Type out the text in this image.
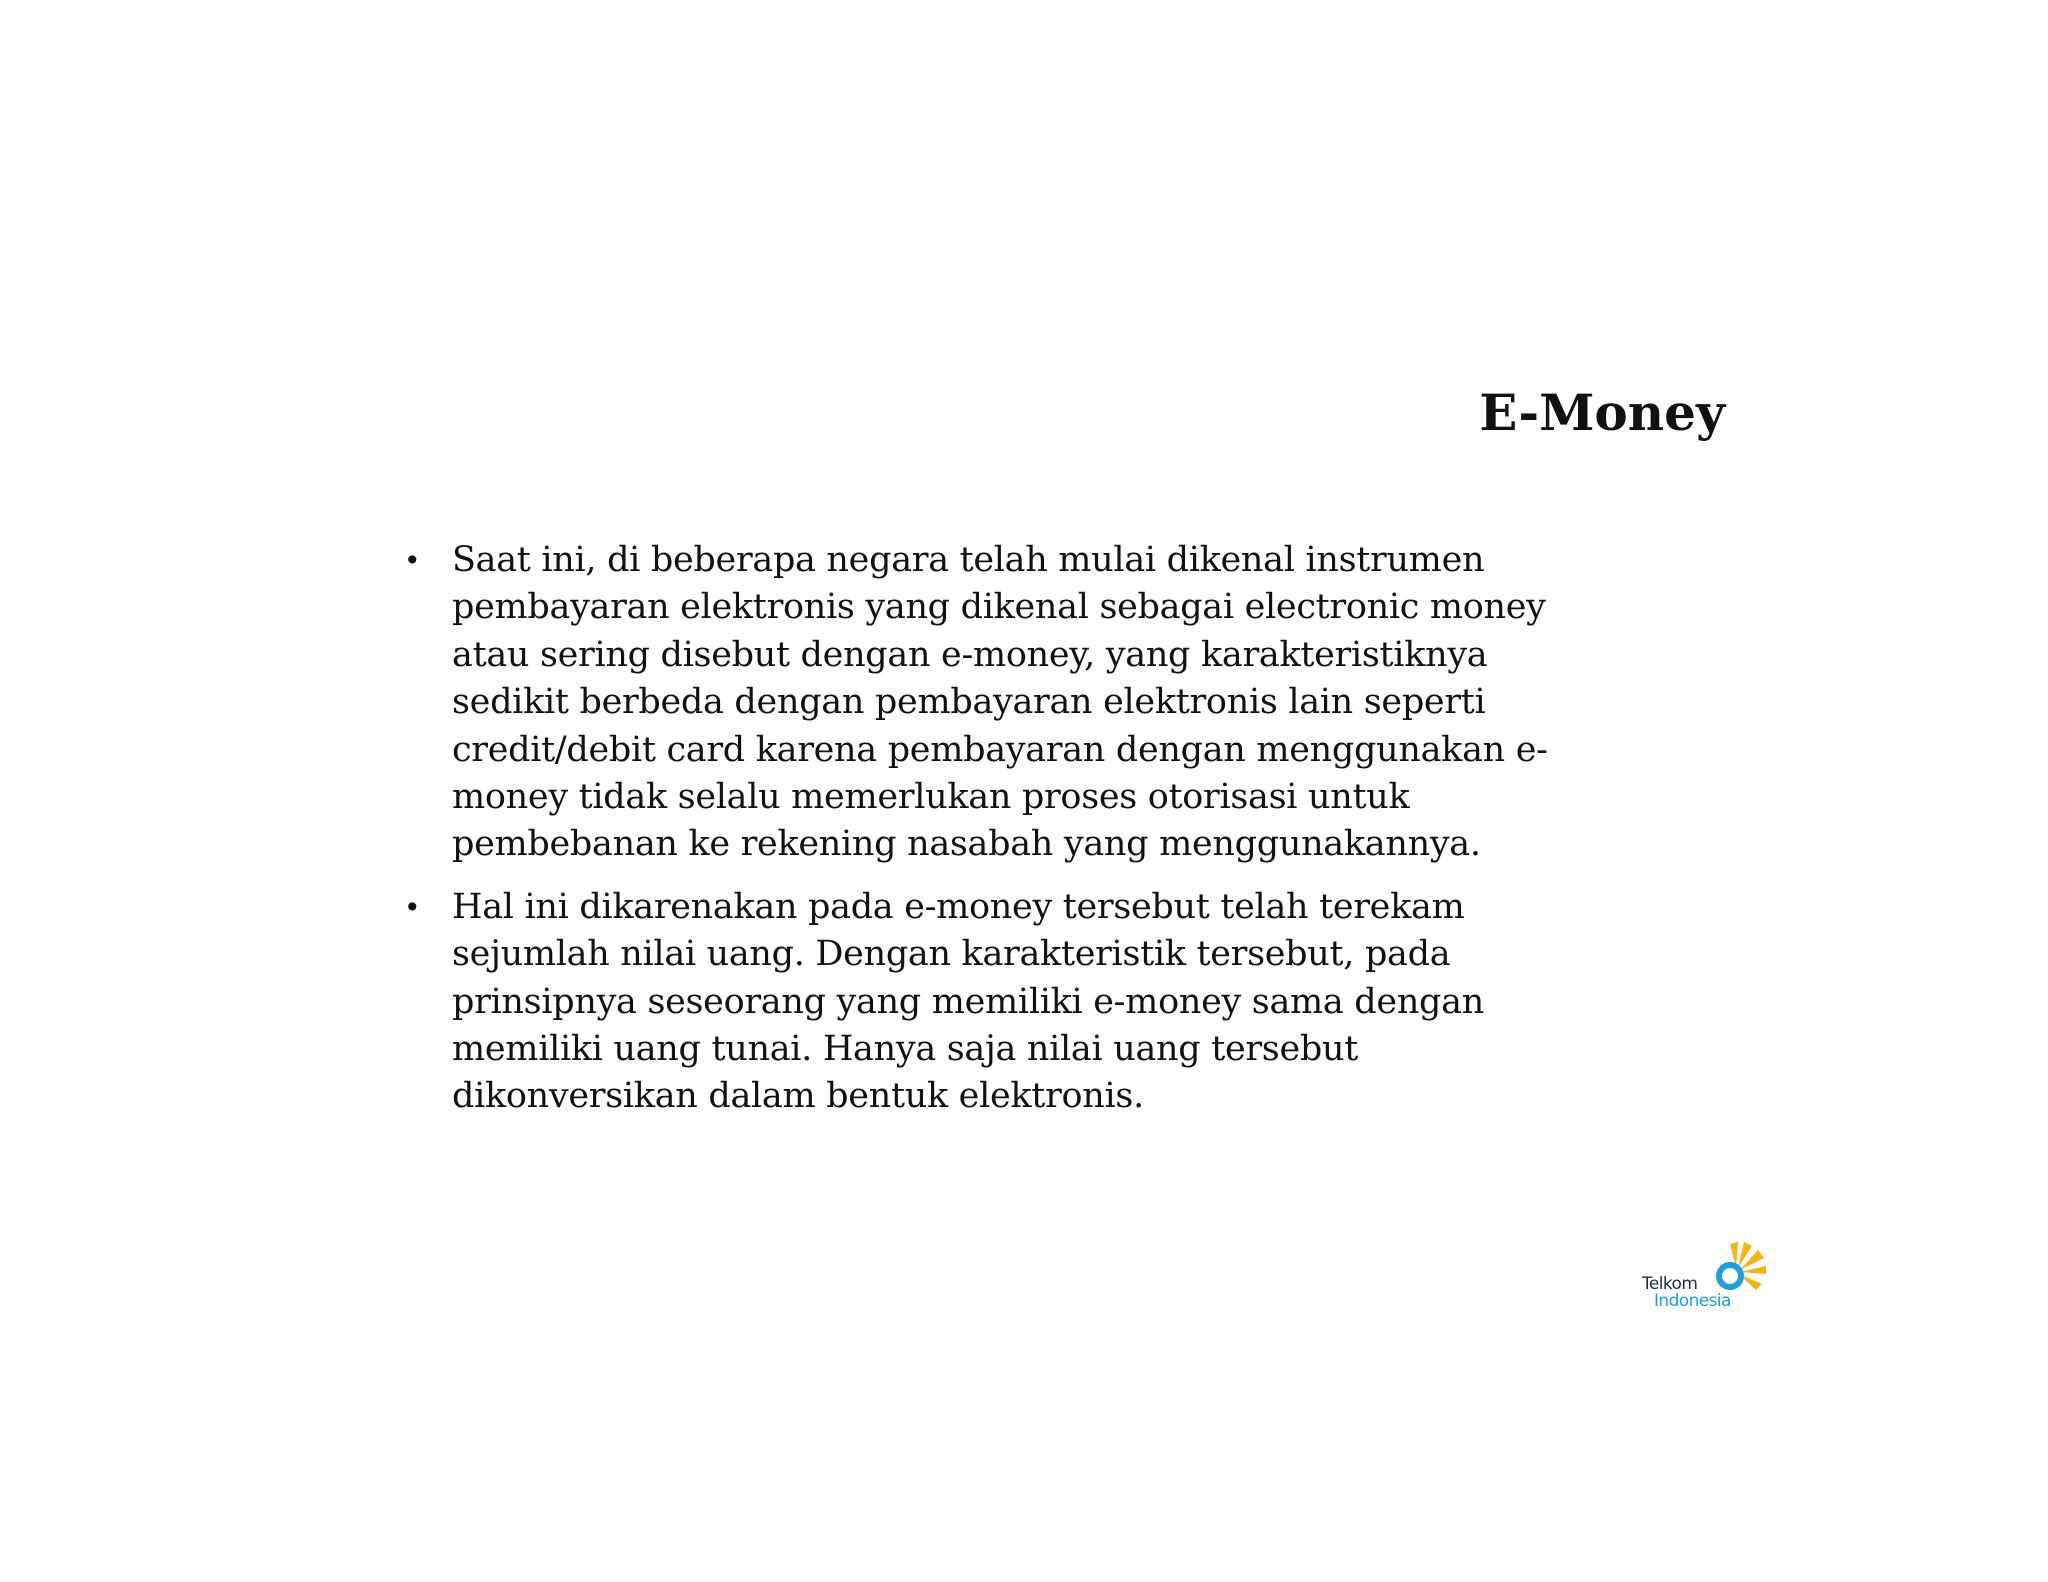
E-Money
• Saat ini, di beberapa negara telah mulai dikenal instrumen
pembayaran elektronis yang dikenal sebagai electronic money
atau sering disebut dengan e-money, yang karakteristiknya
sedikit berbeda dengan pembayaran elektronis lain seperti
credit/debit card karena pembayaran dengan menggunakan e-
money tidak selalu memerlukan proses otorisasi untuk
pembebanan ke rekening nasabah yang menggunakannya.
• Hal ini dikarenakan pada e-money tersebut telah terekam
sejumlah nilai uang. Dengan karakteristik tersebut, pada
prinsipnya seseorang yang memiliki e-money sama dengan
memiliki uang tunai. Hanya saja nilai uang tersebut
dikonversikan dalam bentuk elektronis.
Telkom
Indonesia
